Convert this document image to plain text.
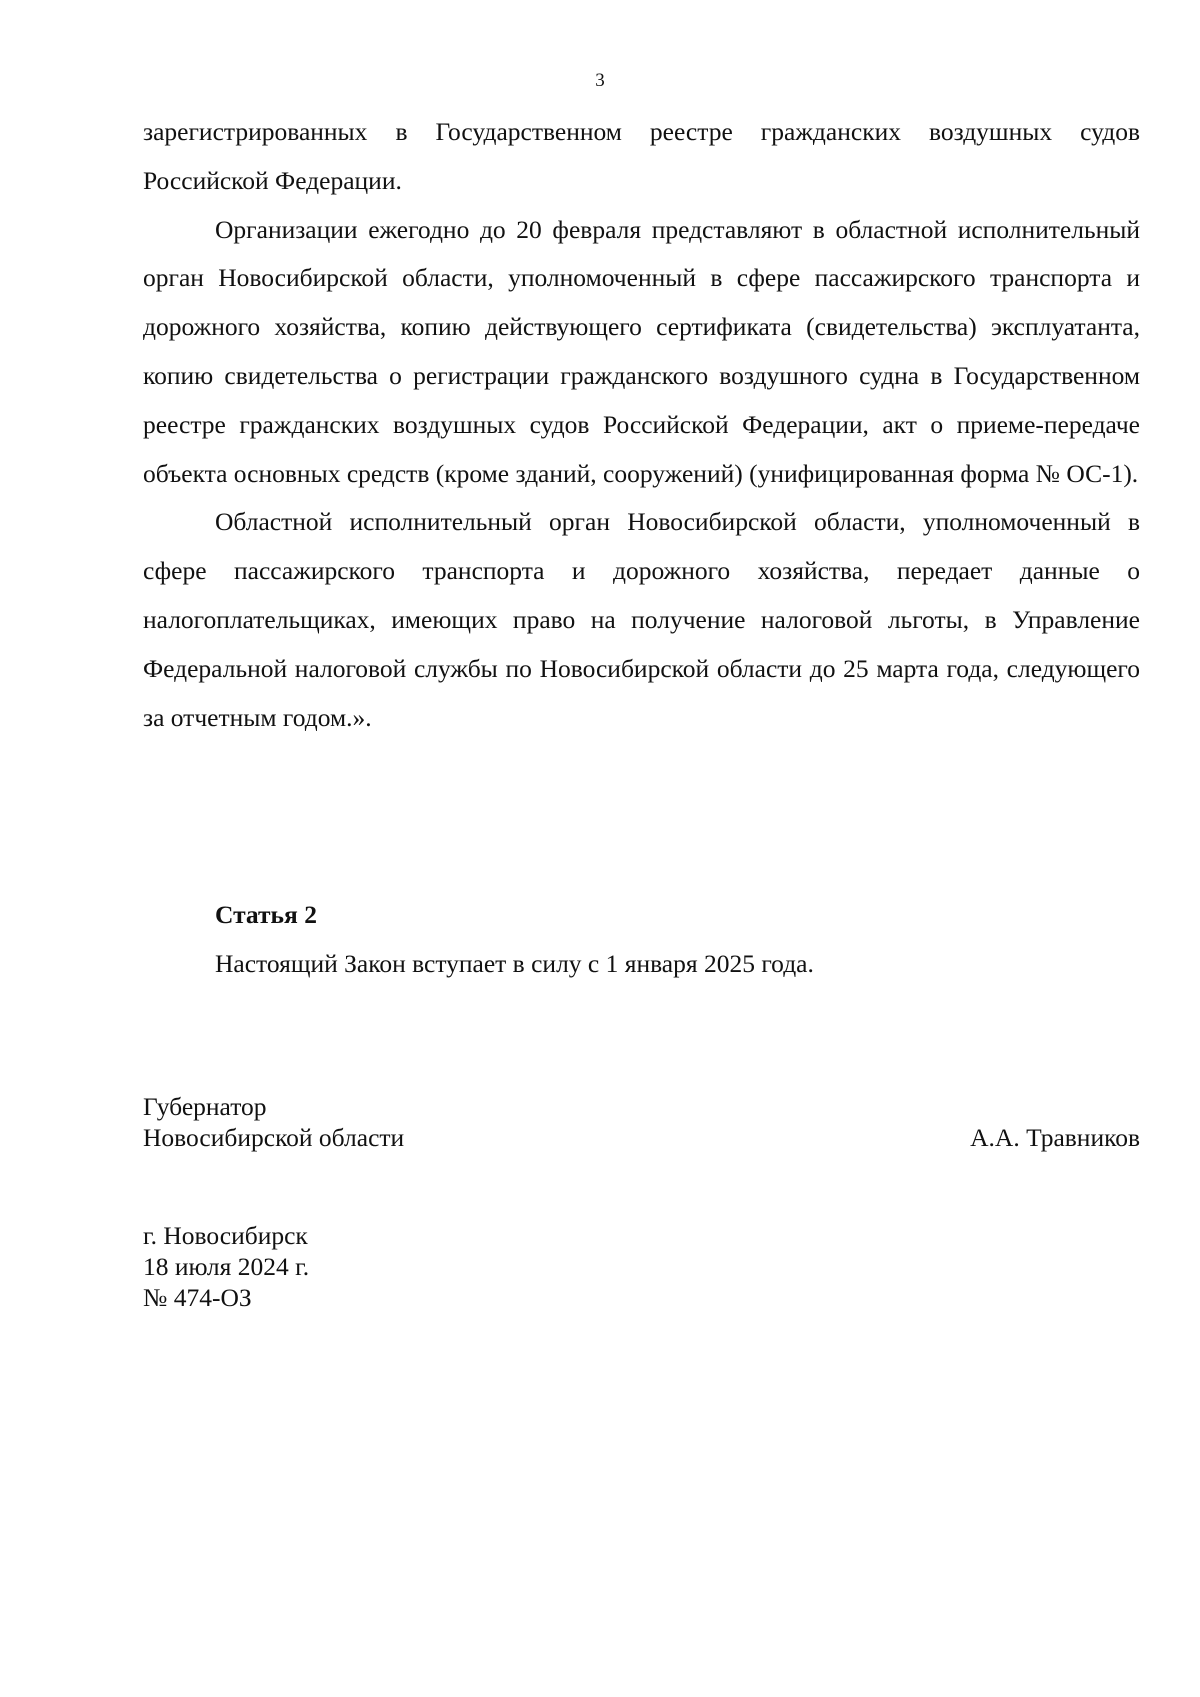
3

зарегистрированных в Государственном реестре гражданских воздушных судов Российской Федерации.

Организации ежегодно до 20 февраля представляют в областной исполнительный орган Новосибирской области, уполномоченный в сфере пассажирского транспорта и дорожного хозяйства, копию действующего сертификата (свидетельства) эксплуатанта, копию свидетельства о регистрации гражданского воздушного судна в Государственном реестре гражданских воздушных судов Российской Федерации, акт о приеме-передаче объекта основных средств (кроме зданий, сооружений) (унифицированная форма № ОС-1).

Областной исполнительный орган Новосибирской области, уполномоченный в сфере пассажирского транспорта и дорожного хозяйства, передает данные о налогоплательщиках, имеющих право на получение налоговой льготы, в Управление Федеральной налоговой службы по Новосибирской области до 25 марта года, следующего за отчетным годом.».

Статья 2

Настоящий Закон вступает в силу с 1 января 2025 года.

Губернатор
Новосибирской области	А.А. Травников
г. Новосибирск
18 июля 2024 г.
№ 474-ОЗ
